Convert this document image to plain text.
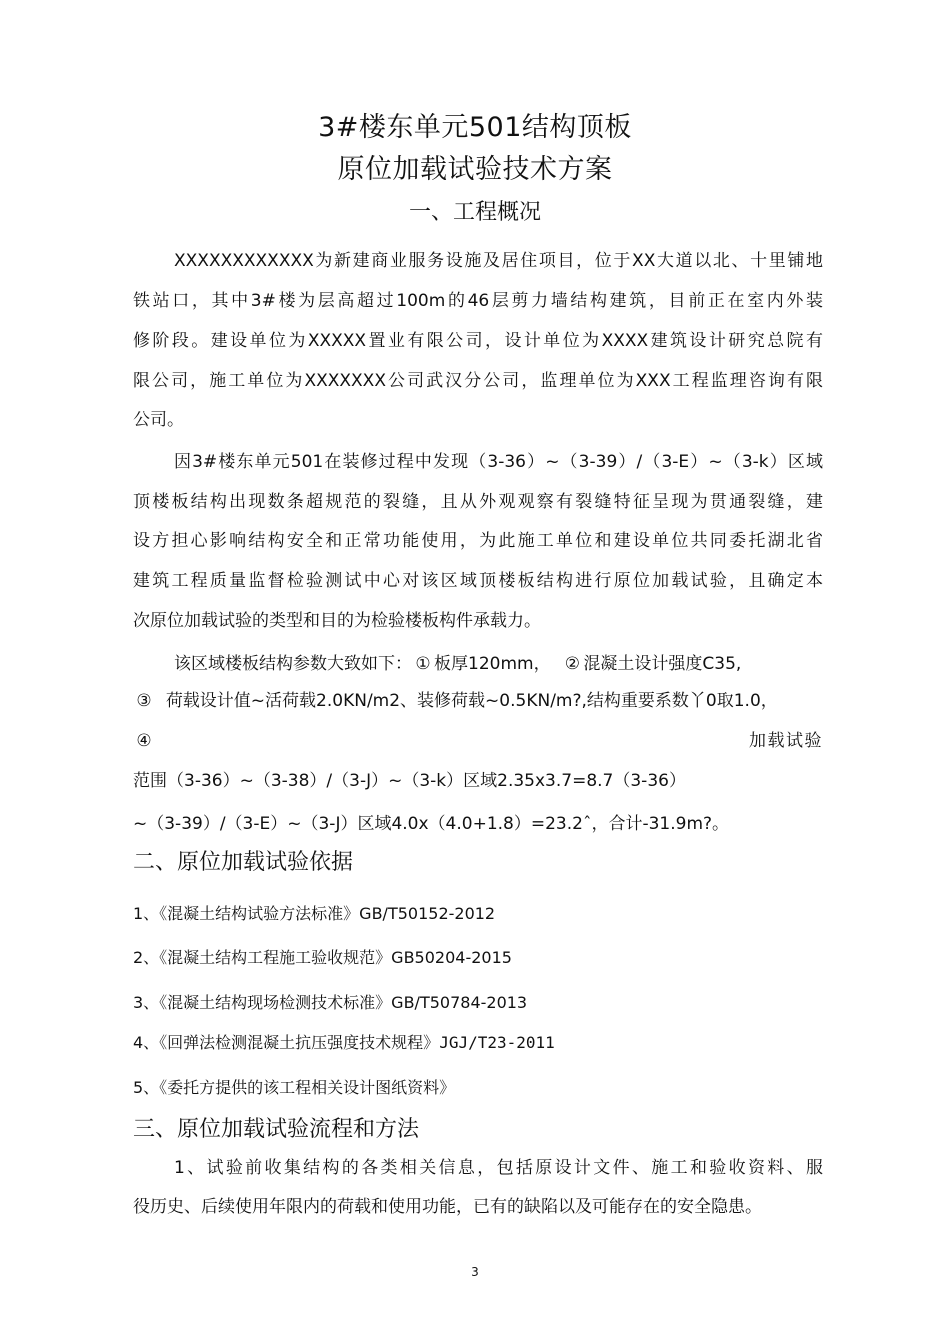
3#楼东单元501结构顶板
原位加载试验技术方案
一、工程概况
XXXXXXXXXXXX为新建商业服务设施及居住项目，位于XX大道以北、十里铺地
铁站口，其中3#楼为层高超过100m的46层剪力墙结构建筑，目前正在室内外装
修阶段。建设单位为XXXXX置业有限公司，设计单位为XXXX建筑设计研究总院有
限公司，施工单位为XXXXXXX公司武汉分公司，监理单位为XXX工程监理咨询有限
公司。
因3#楼东单元501在装修过程中发现（3-36）~（3-39）/（3-E）~（3-k）区域
顶楼板结构出现数条超规范的裂缝，且从外观观察有裂缝特征呈现为贯通裂缝，建
设方担心影响结构安全和正常功能使用，为此施工单位和建设单位共同委托湖北省
建筑工程质量监督检验测试中心对该区域顶楼板结构进行原位加载试验，且确定本
次原位加载试验的类型和目的为检验楼板构件承载力。
该区域楼板结构参数大致如下： ① 板厚120mm， ② 混凝土设计强度C35,
③ 荷载设计值~活荷载2.0KN/m2、装修荷载~0.5KN/m?,结构重要系数丫0取1.0，
④	加载试验
范围（3-36）~（3-38）/（3-J）~（3-k）区域2.35x3.7=8.7（3-36）
~（3-39）/（3-E）~（3-J）区域4.0x（4.0+1.8）=23.2ˆ，合计-31.9m?。
二、原位加载试验依据
1、《混凝土结构试验方法标准》GB/T50152-2012
2、《混凝土结构工程施工验收规范》GB50204-2015
3、《混凝土结构现场检测技术标准》GB/T50784-2013
4、《回弹法检测混凝土抗压强度技术规程》JGJ/T23-2011
5、《委托方提供的该工程相关设计图纸资料》
三、原位加载试验流程和方法
1、试验前收集结构的各类相关信息，包括原设计文件、施工和验收资料、服
役历史、后续使用年限内的荷载和使用功能，已有的缺陷以及可能存在的安全隐患。
3
